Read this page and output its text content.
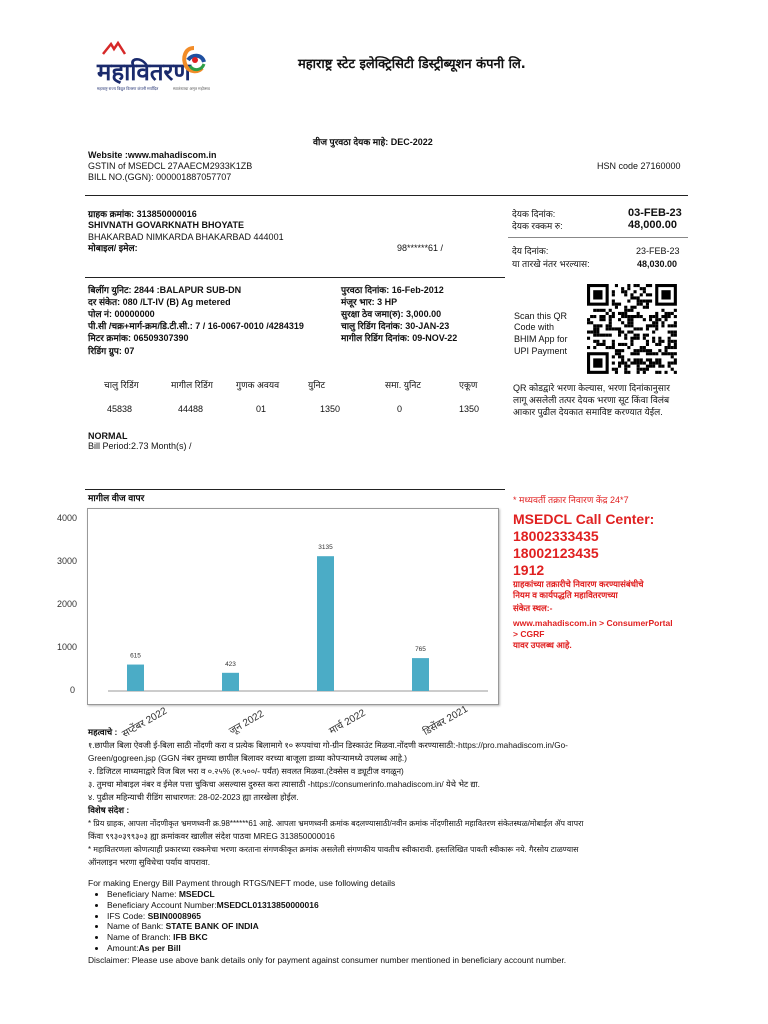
महावितरण
महाराष्ट्र राज्य विद्युत वितरण कंपनी मर्यादित	स्वातंत्र्याचा अमृत महोत्सव
महाराष्ट्र स्टेट इलेक्ट्रिसिटी डिस्ट्रीब्यूशन कंपनी लि.
वीज पुरवठा देयक माहे: DEC-2022
Website :www.mahadiscom.in
GSTIN of MSEDCL 27AAECM2933K1ZB
BILL NO.(GGN): 000001887057707
HSN code 27160000
ग्राहक क्रमांक: 313850000016
SHIVNATH GOVARKNATH BHOYATE
BHAKARBAD NIMKARDA BHAKARBAD 444001
मोबाइल/ इमेल:	98******61 /
देयक दिनांक:	03-FEB-23
देयक रक्कम रु:	48,000.00
देय दिनांक:	23-FEB-23
या तारखे नंतर भरल्यास:	48,030.00
बिलींग युनिट: 2844 :BALAPUR SUB-DN
दर संकेत: 080 /LT-IV (B) Ag metered
पोल नं: 00000000
पी.सी /चक्र+मार्ग-क्रम/डि.टी.सी.: 7 / 16-0067-0010 /4284319
मिटर क्रमांक: 06509307390
रिडिंग ग्रुप: 07
पुरवठा दिनांक: 16-Feb-2012
मंजूर भार: 3 HP
सुरक्षा ठेव जमा(रु): 3,000.00
चालु रिडिंग दिनांक: 30-JAN-23
मागील रिडिंग दिनांक: 09-NOV-22
Scan this QR
Code with
BHIM App for
UPI Payment
QR कोडद्वारे भरणा केल्यास, भरणा दिनांकानुसार
लागू असलेली तत्पर देयक भरणा सूट किंवा विलंब
आकार पुढील देयकात समाविष्ट करण्यात येईल.
चालु रिडिंग	मागील रिडिंग	गुणक अवयव	युनिट	समा. युनिट	एकूण
45838	44488	01	1350	0	1350
NORMAL
Bill Period:2.73 Month(s) /
मागील वीज वापर
615
423
3135
765
4000
3000
2000
1000
0
सप्टेंबर 2022	जून 2022	मार्च 2022	डिसेंबर 2021
* मध्यवर्ती तक्रार निवारण केंद्र 24*7
MSEDCL Call Center:
18002333435
18002123435
1912
ग्राहकांच्या तक्रारीचे निवारण करण्यासंबंधीचे
नियम व कार्यपद्धति महावितरणच्या
संकेत स्थल:-
www.mahadiscom.in > ConsumerPortal
> CGRF
यावर उपलब्ध आहे.
महत्वाचे :
१.छापील बिला ऐवजी ई-बिला साठी नोंदणी करा व प्रत्येक बिलामागे १० रूपयांचा गो-ग्रीन डिस्काउंट मिळवा.नोंदणी करण्यासाठी:-https://pro.mahadiscom.in/Go-
Green/gogreen.jsp (GGN नंबर तुमच्या छापील बिलावर वरच्या बाजूला डाव्या कोपऱ्यामध्ये उपलब्ध आहे.)
२. डिजिटल माध्यमाद्वारे विज बिल भरा व ०.२५% (रु.५००/- पर्यंत) सवलत मिळवा.(टेक्सेस व ड्यूटीज वगळून)
३. तुमचा मोबाइल नंबर व ईमेल पत्ता चुकिचा असल्यास दुरुस्त करा त्यासाठी -https://consumerinfo.mahadiscom.in/ येथे भेट द्या.
४. पुढील महिन्याची रीडिंग साधारणत: 28-02-2023 ह्या तारखेला होईल.
विशेष संदेश :
* प्रिय ग्राहक, आपला नोंदणीकृत भ्रमणध्वनी क्र.98******61 आहे. आपला भ्रमणध्वनी क्रमांक बदलण्यासाठी/नवीन क्रमांक नोंदणीसाठी महावितरण संकेतस्थळ/मोबाईल ॲप वापरा
किंवा ९९३०३९९३०३ ह्या क्रमांकवर खालील संदेश पाठवा MREG 313850000016
* महावितरणला कोणत्याही प्रकारच्या रक्कमेचा भरणा करताना संगणकीकृत क्रमांक असलेली संगणकीय पावतीच स्वीकारावी. हस्तलिखित पावती स्वीकारू नये. गैरसोय टाळण्यास
ऑनलाइन भरणा सुविधेचा पर्याय वापरावा.
For making Energy Bill Payment through RTGS/NEFT mode, use following details
• Beneficiary Name: MSEDCL
• Beneficiary Account Number:MSEDCL01313850000016
• IFS Code: SBIN0008965
• Name of Bank: STATE BANK OF INDIA
• Name of Branch: IFB BKC
• Amount:As per Bill
Disclaimer: Please use above bank details only for payment against consumer number mentioned in beneficiary account number.
